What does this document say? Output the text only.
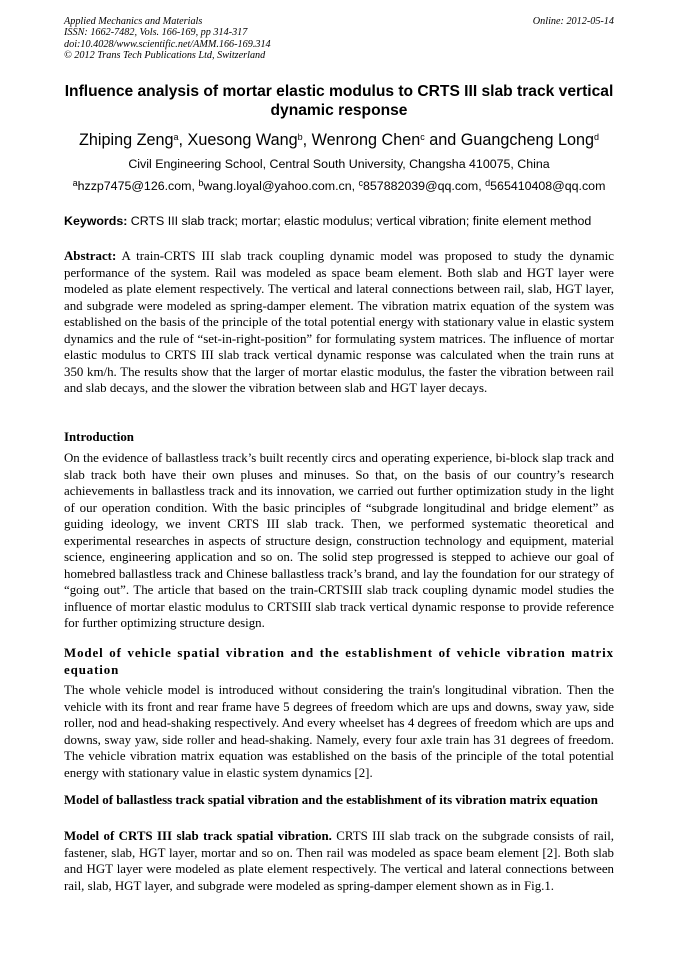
Applied Mechanics and Materials
ISSN: 1662-7482, Vols. 166-169, pp 314-317
doi:10.4028/www.scientific.net/AMM.166-169.314
© 2012 Trans Tech Publications Ltd, Switzerland
Online: 2012-05-14
Influence analysis of mortar elastic modulus to CRTS III slab track vertical dynamic response
Zhiping Zeng$^a$, Xuesong Wang$^b$, Wenrong Chen$^c$ and Guangcheng Long$^d$
Civil Engineering School, Central South University, Changsha 410075, China
$^a$hzzp7475@126.com, $^b$wang.loyal@yahoo.com.cn, $^c$857882039@qq.com, $^d$565410408@qq.com
Keywords: CRTS III slab track; mortar; elastic modulus; vertical vibration; finite element method
Abstract: A train-CRTS III slab track coupling dynamic model was proposed to study the dynamic performance of the system. Rail was modeled as space beam element. Both slab and HGT layer were modeled as plate element respectively. The vertical and lateral connections between rail, slab, HGT layer, and subgrade were modeled as spring-damper element. The vibration matrix equation of the system was established on the basis of the principle of the total potential energy with stationary value in elastic system dynamics and the rule of “set-in-right-position” for formulating system matrices. The influence of mortar elastic modulus to CRTS III slab track vertical dynamic response was calculated when the train runs at 350 km/h. The results show that the larger of mortar elastic modulus, the faster the vibration between rail and slab decays, and the slower the vibration between slab and HGT layer decays.
Introduction
On the evidence of ballastless track’s built recently circs and operating experience, bi-block slap track and slab track both have their own pluses and minuses. So that, on the basis of our country’s research achievements in ballastless track and its innovation, we carried out further optimization study in the light of our operation condition. With the basic principles of “subgrade longitudinal and bridge element” as guiding ideology, we invent CRTS III slab track. Then, we performed systematic theoretical and experimental researches in aspects of structure design, construction technology and equipment, material science, engineering application and so on. The solid step progressed is stepped to achieve our goal of homebred ballastless track and Chinese ballastless track’s brand, and lay the foundation for our strategy of “going out”. The article that based on the train-CRTSIII slab track coupling dynamic model studies the influence of mortar elastic modulus to CRTSIII slab track vertical dynamic response to provide reference for further optimizing structure design.
Model of vehicle spatial vibration and the establishment of vehicle vibration matrix equation
The whole vehicle model is introduced without considering the train's longitudinal vibration. Then the vehicle with its front and rear frame have 5 degrees of freedom which are ups and downs, sway yaw, side roller, nod and head-shaking respectively. And every wheelset has 4 degrees of freedom which are ups and downs, sway yaw, side roller and head-shaking. Namely, every four axle train has 31 degrees of freedom. The vehicle vibration matrix equation was established on the basis of the principle of the total potential energy with stationary value in elastic system dynamics [2].
Model of ballastless track spatial vibration and the establishment of its vibration matrix equation
Model of CRTS III slab track spatial vibration. CRTS III slab track on the subgrade consists of rail, fastener, slab, HGT layer, mortar and so on. Then rail was modeled as space beam element [2]. Both slab and HGT layer were modeled as plate element respectively. The vertical and lateral connections between rail, slab, HGT layer, and subgrade were modeled as spring-damper element shown as in Fig.1.
